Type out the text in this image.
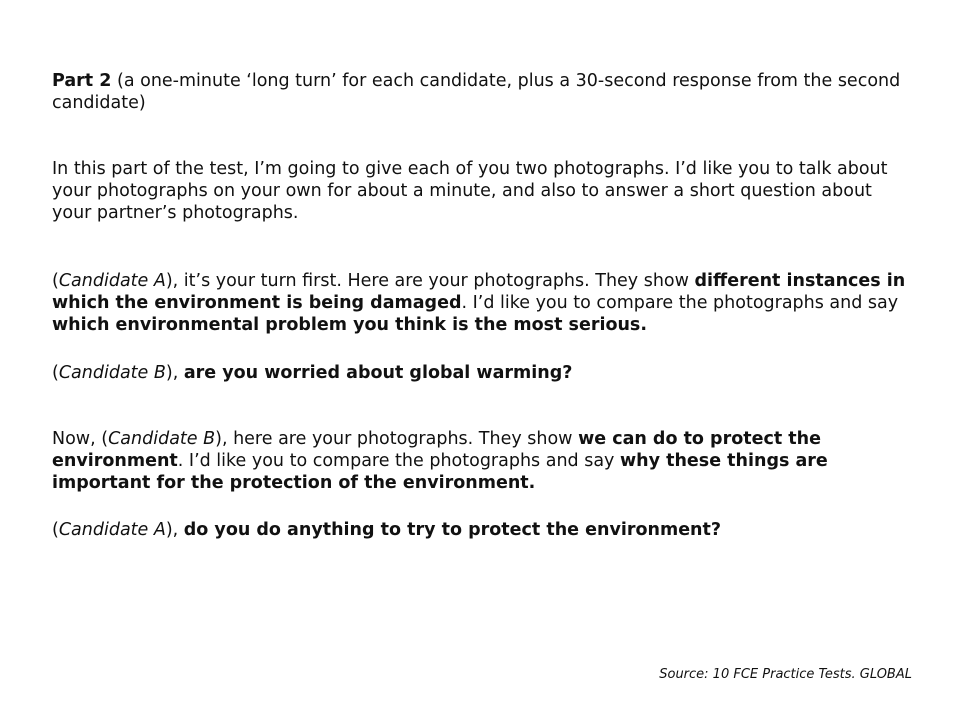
Part 2 (a one-minute ‘long turn’ for each candidate, plus a 30-second response from the second candidate)

In this part of the test, I’m going to give each of you two photographs. I’d like you to talk about your photographs on your own for about a minute, and also to answer a short question about your partner’s photographs.

(Candidate A), it’s your turn first. Here are your photographs. They show different instances in which the environment is being damaged. I’d like you to compare the photographs and say which environmental problem you think is the most serious.

(Candidate B), are you worried about global warming?

Now, (Candidate B), here are your photographs. They show we can do to protect the environment. I’d like you to compare the photographs and say why these things are important for the protection of the environment.

(Candidate A), do you do anything to try to protect the environment?

Source: 10 FCE Practice Tests. GLOBAL
